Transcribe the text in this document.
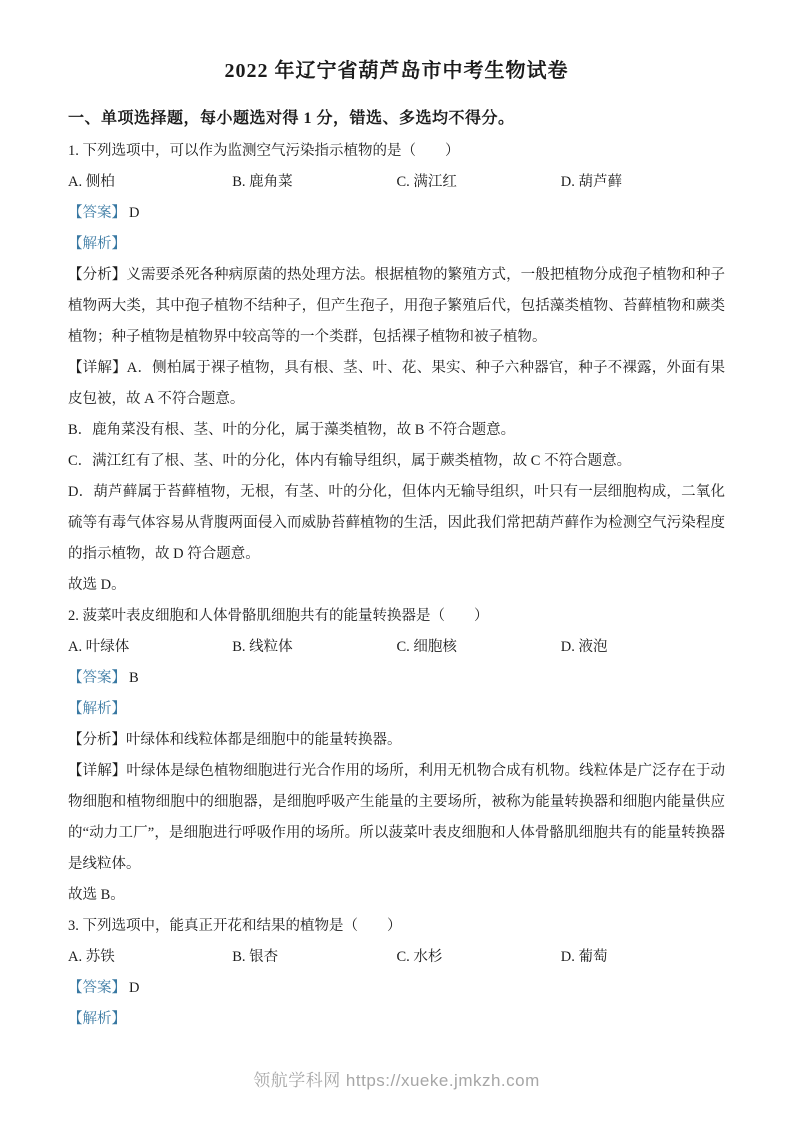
2022 年辽宁省葫芦岛市中考生物试卷
一、单项选择题，每小题选对得 1 分，错选、多选均不得分。

1. 下列选项中，可以作为监测空气污染指示植物的是（　　）

A. 侧柏	B. 鹿角菜	C. 满江红	D. 葫芦藓

【答案】 D

【解析】

【分析】义需要杀死各种病原菌的热处理方法。根据植物的繁殖方式，一般把植物分成孢子植物和种子植物两大类，其中孢子植物不结种子，但产生孢子，用孢子繁殖后代，包括藻类植物、苔藓植物和蕨类植物；种子植物是植物界中较高等的一个类群，包括裸子植物和被子植物。

【详解】A．侧柏属于裸子植物，具有根、茎、叶、花、果实、种子六种器官，种子不裸露，外面有果皮包被，故 A 不符合题意。

B．鹿角菜没有根、茎、叶的分化，属于藻类植物，故 B 不符合题意。

C．满江红有了根、茎、叶的分化，体内有输导组织，属于蕨类植物，故 C 不符合题意。

D．葫芦藓属于苔藓植物，无根，有茎、叶的分化，但体内无输导组织，叶只有一层细胞构成，二氧化硫等有毒气体容易从背腹两面侵入而威胁苔藓植物的生活，因此我们常把葫芦藓作为检测空气污染程度的指示植物，故 D 符合题意。

故选 D。

2. 菠菜叶表皮细胞和人体骨骼肌细胞共有的能量转换器是（　　）

A. 叶绿体	B. 线粒体	C. 细胞核	D. 液泡

【答案】 B

【解析】

【分析】叶绿体和线粒体都是细胞中的能量转换器。

【详解】叶绿体是绿色植物细胞进行光合作用的场所，利用无机物合成有机物。线粒体是广泛存在于动物细胞和植物细胞中的细胞器，是细胞呼吸产生能量的主要场所，被称为能量转换器和细胞内能量供应的“动力工厂”，是细胞进行呼吸作用的场所。所以菠菜叶表皮细胞和人体骨骼肌细胞共有的能量转换器是线粒体。

故选 B。

3. 下列选项中，能真正开花和结果的植物是（　　）

A. 苏铁	B. 银杏	C. 水杉	D. 葡萄

【答案】 D

【解析】

领航学科网 https://xueke.jmkzh.com
